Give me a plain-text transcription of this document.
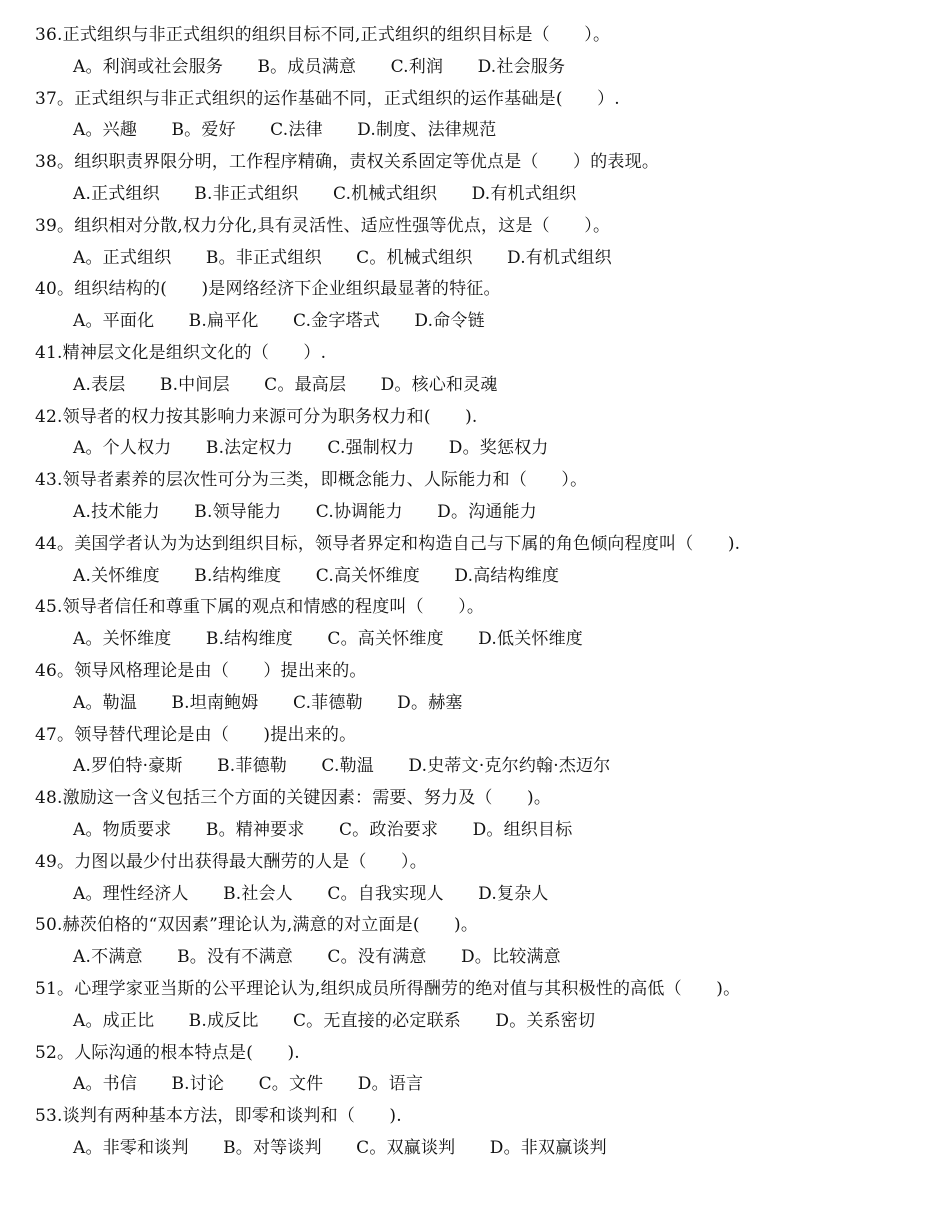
36.正式组织与非正式组织的组织目标不同,正式组织的组织目标是（　　）。
A。利润或社会服务　　B。成员满意　　C.利润　　D.社会服务
37。正式组织与非正式组织的运作基础不同，正式组织的运作基础是(　　）.
A。兴趣　　B。爱好　　C.法律　　D.制度、法律规范
38。组织职责界限分明，工作程序精确，责权关系固定等优点是（　　）的表现。
A.正式组织　　B.非正式组织　　C.机械式组织　　D.有机式组织
39。组织相对分散,权力分化,具有灵活性、适应性强等优点，这是（　　）。
A。正式组织　　B。非正式组织　　C。机械式组织　　D.有机式组织
40。组织结构的(　　)是网络经济下企业组织最显著的特征。
A。平面化　　B.扁平化　　C.金字塔式　　D.命令链
41.精神层文化是组织文化的（　　）.
A.表层　　B.中间层　　C。最高层　　D。核心和灵魂
42.领导者的权力按其影响力来源可分为职务权力和(　　).
A。个人权力　　B.法定权力　　C.强制权力　　D。奖惩权力
43.领导者素养的层次性可分为三类，即概念能力、人际能力和（　　）。
A.技术能力　　B.领导能力　　C.协调能力　　D。沟通能力
44。美国学者认为为达到组织目标，领导者界定和构造自己与下属的角色倾向程度叫（　　).
A.关怀维度　　B.结构维度　　C.高关怀维度　　D.高结构维度
45.领导者信任和尊重下属的观点和情感的程度叫（　　）。
A。关怀维度　　B.结构维度　　C。高关怀维度　　D.低关怀维度
46。领导风格理论是由（　　）提出来的。
A。勒温　　B.坦南鲍姆　　C.菲德勒　　D。赫塞
47。领导替代理论是由（　　)提出来的。
A.罗伯特·豪斯　　B.菲德勒　　C.勒温　　D.史蒂文·克尔约翰·杰迈尔
48.激励这一含义包括三个方面的关键因素：需要、努力及（　　)。
A。物质要求　　B。精神要求　　C。政治要求　　D。组织目标
49。力图以最少付出获得最大酬劳的人是（　　）。
A。理性经济人　　B.社会人　　C。自我实现人　　D.复杂人
50.赫茨伯格的“双因素”理论认为,满意的对立面是(　　)。
A.不满意　　B。没有不满意　　C。没有满意　　D。比较满意
51。心理学家亚当斯的公平理论认为,组织成员所得酬劳的绝对值与其积极性的高低（　　)。
A。成正比　　B.成反比　　C。无直接的必定联系　　D。关系密切
52。人际沟通的根本特点是(　　).
A。书信　　B.讨论　　C。文件　　D。语言
53.谈判有两种基本方法，即零和谈判和（　　).
A。非零和谈判　　B。对等谈判　　C。双赢谈判　　D。非双赢谈判
